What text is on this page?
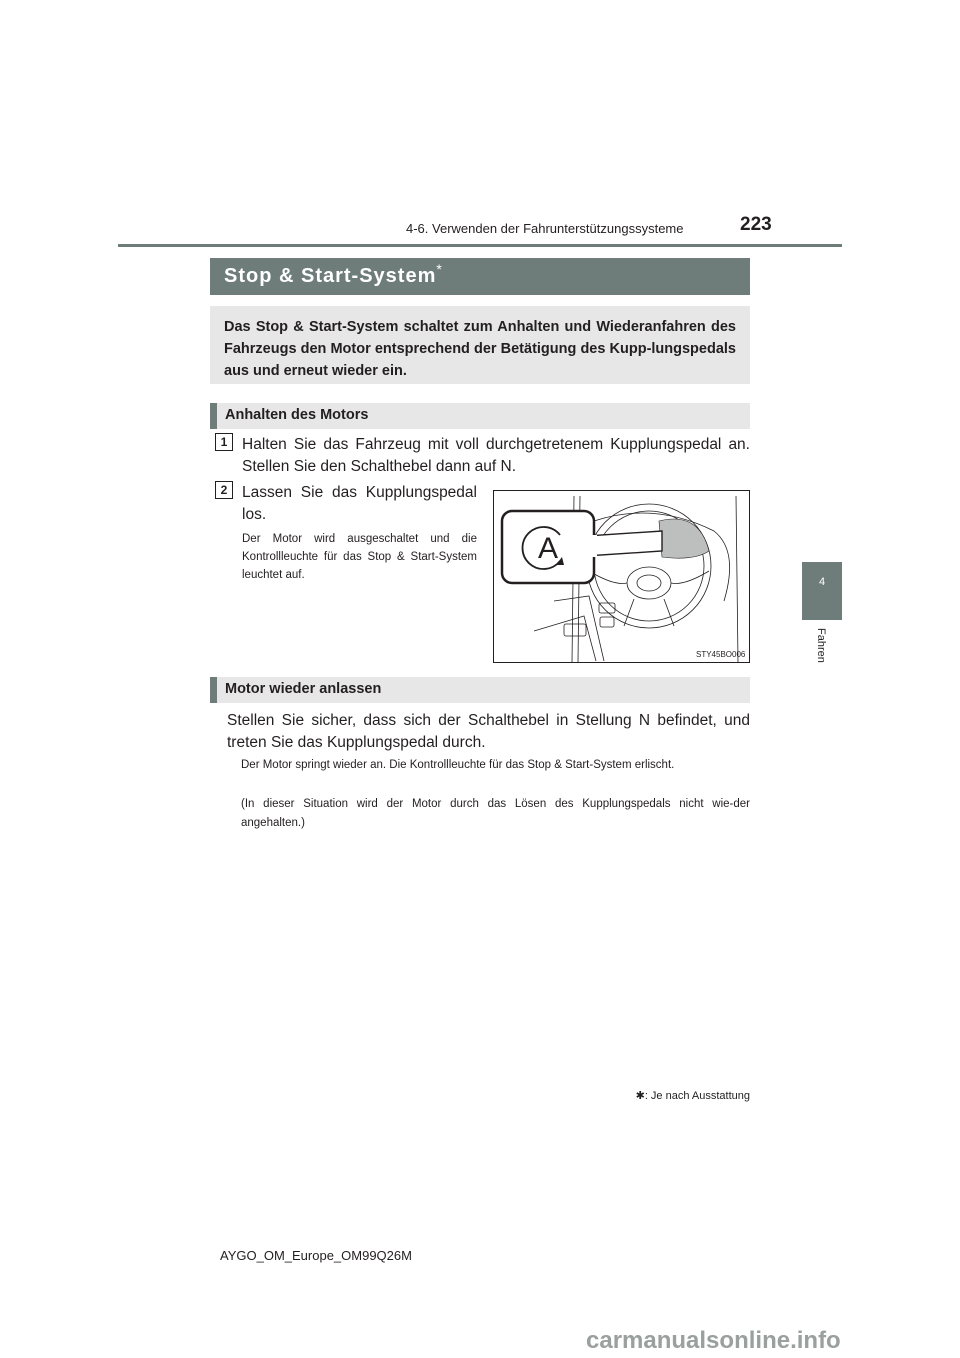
4-6. Verwenden der Fahrunterstützungssysteme	223
4
Fahren
Stop & Start-System*
Das Stop & Start-System schaltet zum Anhalten und Wiederanfahren des Fahrzeugs den Motor entsprechend der Betätigung des Kupp-lungspedals aus und erneut wieder ein.
Anhalten des Motors
1 Halten Sie das Fahrzeug mit voll durchgetretenem Kupplungspedal an. Stellen Sie den Schalthebel dann auf N.
2 Lassen Sie das Kupplungspedal los.
Der Motor wird ausgeschaltet und die Kontrollleuchte für das Stop & Start-System leuchtet auf.
A
STY45BO006
Motor wieder anlassen
Stellen Sie sicher, dass sich der Schalthebel in Stellung N befindet, und treten Sie das Kupplungspedal durch.
Der Motor springt wieder an. Die Kontrollleuchte für das Stop & Start-System erlischt.
(In dieser Situation wird der Motor durch das Lösen des Kupplungspedals nicht wie-der angehalten.)
✱: Je nach Ausstattung
AYGO_OM_Europe_OM99Q26M
carmanualsonline.info
